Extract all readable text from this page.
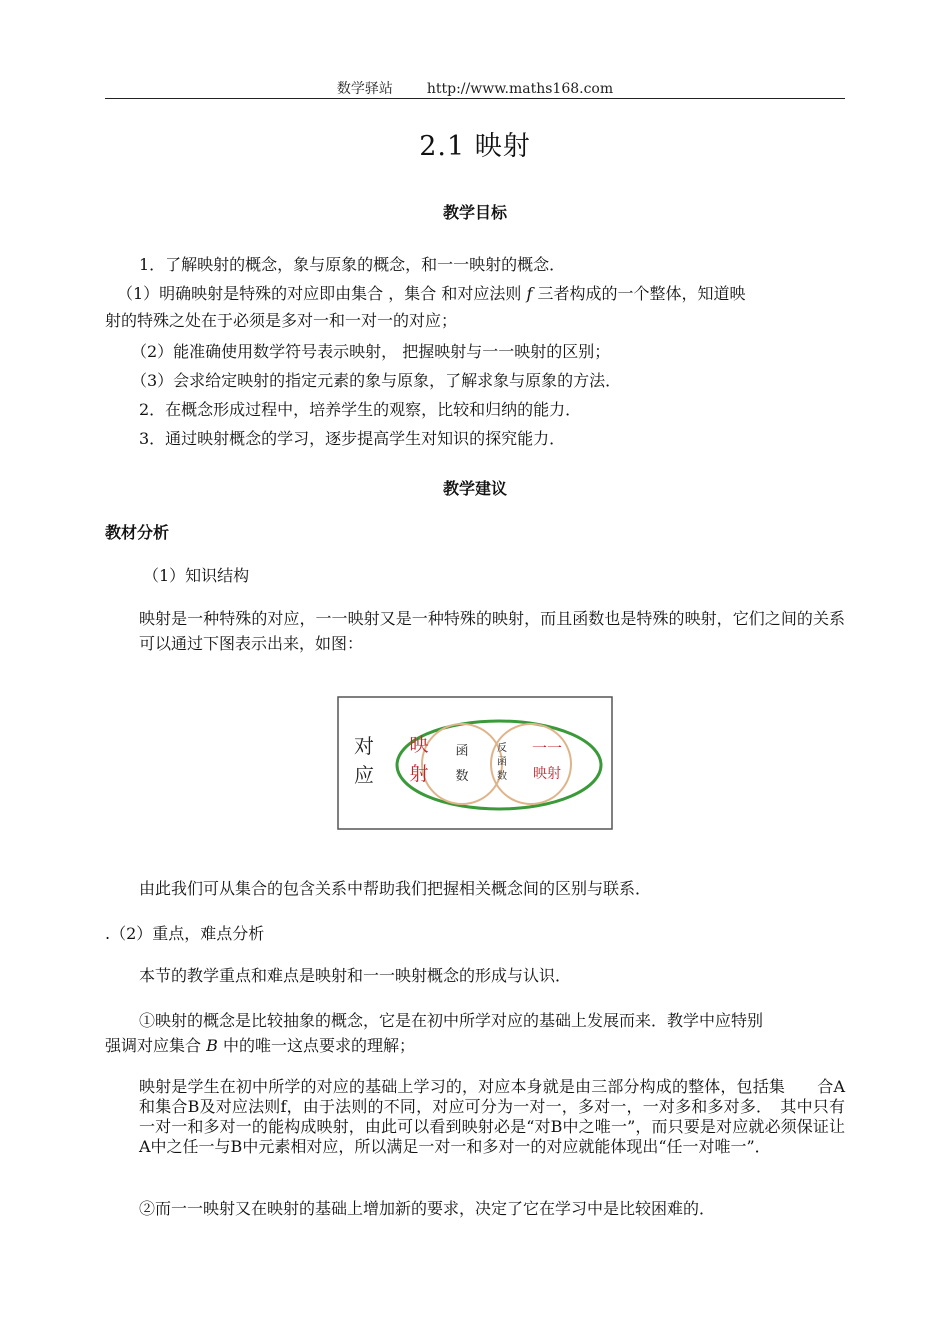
数学驿站 http://www.maths168.com
2.1 映射
教学目标
1．了解映射的概念，象与原象的概念，和一一映射的概念．
（1）明确映射是特殊的对应即由集合 ，集合 和对应法则 f 三者构成的一个整体，知道映
射的特殊之处在于必须是多对一和一对一的对应；
（2）能准确使用数学符号表示映射， 把握映射与一一映射的区别；
（3）会求给定映射的指定元素的象与原象，了解求象与原象的方法．
2．在概念形成过程中，培养学生的观察，比较和归纳的能力．
3．通过映射概念的学习，逐步提高学生对知识的探究能力．
教学建议
教材分析
（1）知识结构
映射是一种特殊的对应，一一映射又是一种特殊的映射，而且函数也是特殊的映射，它们之间的关系可以通过下图表示出来，如图：
对
应
映
射
函
数
反
函
数
一一
映射
由此我们可从集合的包含关系中帮助我们把握相关概念间的区别与联系．
.（2）重点，难点分析
本节的教学重点和难点是映射和一一映射概念的形成与认识．
①映射的概念是比较抽象的概念，它是在初中所学对应的基础上发展而来．教学中应特别
强调对应集合 B 中的唯一这点要求的理解；
映射是学生在初中所学的对应的基础上学习的，对应本身就是由三部分构成的整体，包括集　　合A和集合B及对应法则f，由于法则的不同，对应可分为一对一，多对一，一对多和多对多．　其中只有一对一和多对一的能构成映射，由此可以看到映射必是“对B中之唯一”，而只要是对应就必须保证让A中之任一与B中元素相对应，所以满足一对一和多对一的对应就能体现出“任一对唯一”．
②而一一映射又在映射的基础上增加新的要求，决定了它在学习中是比较困难的．
